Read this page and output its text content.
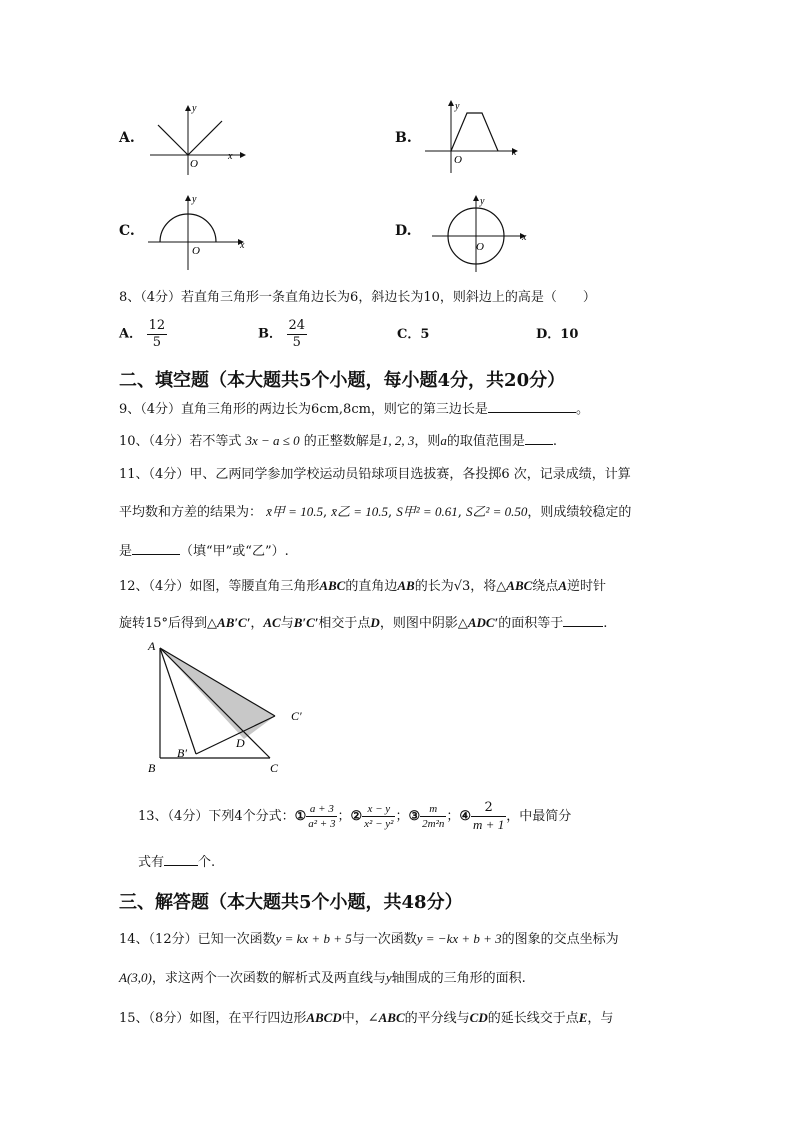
A.
y
x
O
B.
y
x
O
C.
y
x
O
D.
y
x
O
8、（4分）若直角三角形一条直角边长为6，斜边长为10，则斜边上的高是（　　）
A． $\frac{12}{5}$	B． $\frac{24}{5}$	C．5	D．10
二、填空题（本大题共5个小题，每小题4分，共20分）
9、（4分）直角三角形的两边长为6cm,8cm，则它的第三边长是	。
10、（4分）若不等式 3x − a ≤ 0 的正整数解是1, 2, 3，则a的取值范围是 .
11、（4分）甲、乙两同学参加学校运动员铅球项目选拔赛，各投掷6 次，记录成绩，计算
平均数和方差的结果为： x̄甲 = 10.5, x̄乙 = 10.5, S甲² = 0.61, S乙² = 0.50，则成绩较稳定的
是	（填“甲”或“乙”）.
12、（4分）如图，等腰直角三角形ABC的直角边AB的长为√3，将△ABC绕点A逆时针
旋转15°后得到△AB′C′，AC与B′C′相交于点D，则图中阴影△ADC′的面积等于	.
A
B	C
B′
C′
D
13、（4分）下列4个分式：① $\frac{a + 3}{\text{a² + 3}}$ ；② $\frac{x - y}{\text{x² − y²}}$ ；③ $\frac{m}{\text{2m²n}}$ ；④ $\frac{2}{m + 1}$ ，中最简分
式有	个.
三、解答题（本大题共5个小题，共48分）
14、（12分）已知一次函数y = kx + b + 5与一次函数y = −kx + b + 3的图象的交点坐标为
A(3,0)，求这两个一次函数的解析式及两直线与y轴围成的三角形的面积.
15、（8分）如图，在平行四边形ABCD中，∠ABC的平分线与CD的延长线交于点E，与
